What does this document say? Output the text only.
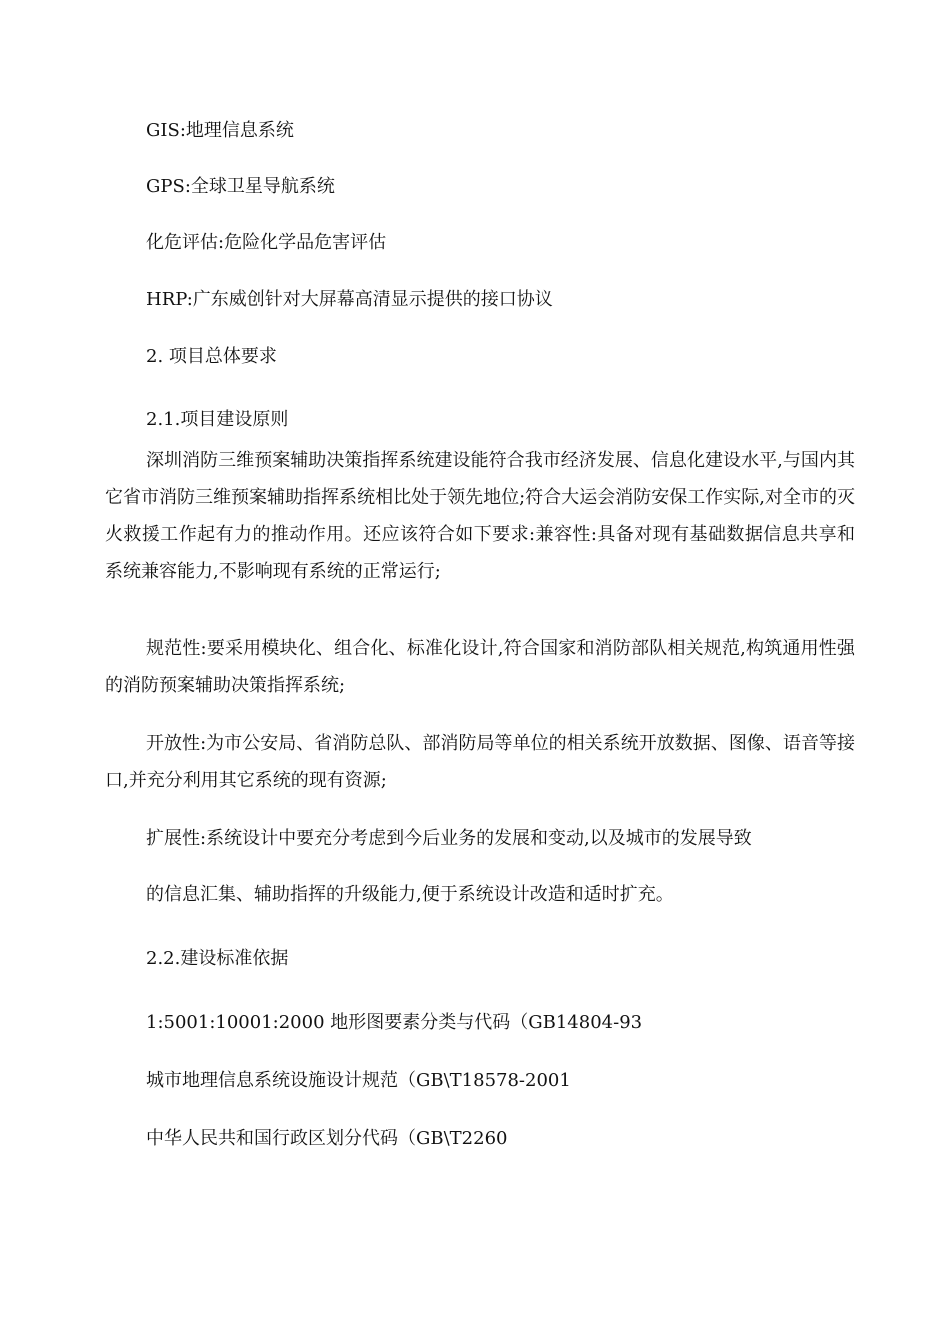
GIS:地理信息系统
GPS:全球卫星导航系统
化危评估:危险化学品危害评估
HRP:广东威创针对大屏幕高清显示提供的接口协议
2. 项目总体要求
2.1.项目建设原则

深圳消防三维预案辅助决策指挥系统建设能符合我市经济发展、信息化建设水平,与国内其它省市消防三维预案辅助指挥系统相比处于领先地位;符合大运会消防安保工作实际,对全市的灭火救援工作起有力的推动作用。还应该符合如下要求:兼容性:具备对现有基础数据信息共享和系统兼容能力,不影响现有系统的正常运行;

规范性:要采用模块化、组合化、标准化设计,符合国家和消防部队相关规范,构筑通用性强的消防预案辅助决策指挥系统;

开放性:为市公安局、省消防总队、部消防局等单位的相关系统开放数据、图像、语音等接口,并充分利用其它系统的现有资源;

扩展性:系统设计中要充分考虑到今后业务的发展和变动,以及城市的发展导致
的信息汇集、辅助指挥的升级能力,便于系统设计改造和适时扩充。
2.2.建设标准依据
1:5001:10001:2000 地形图要素分类与代码（GB14804-93
城市地理信息系统设施设计规范（GB\T18578-2001
中华人民共和国行政区划分代码（GB\T2260
